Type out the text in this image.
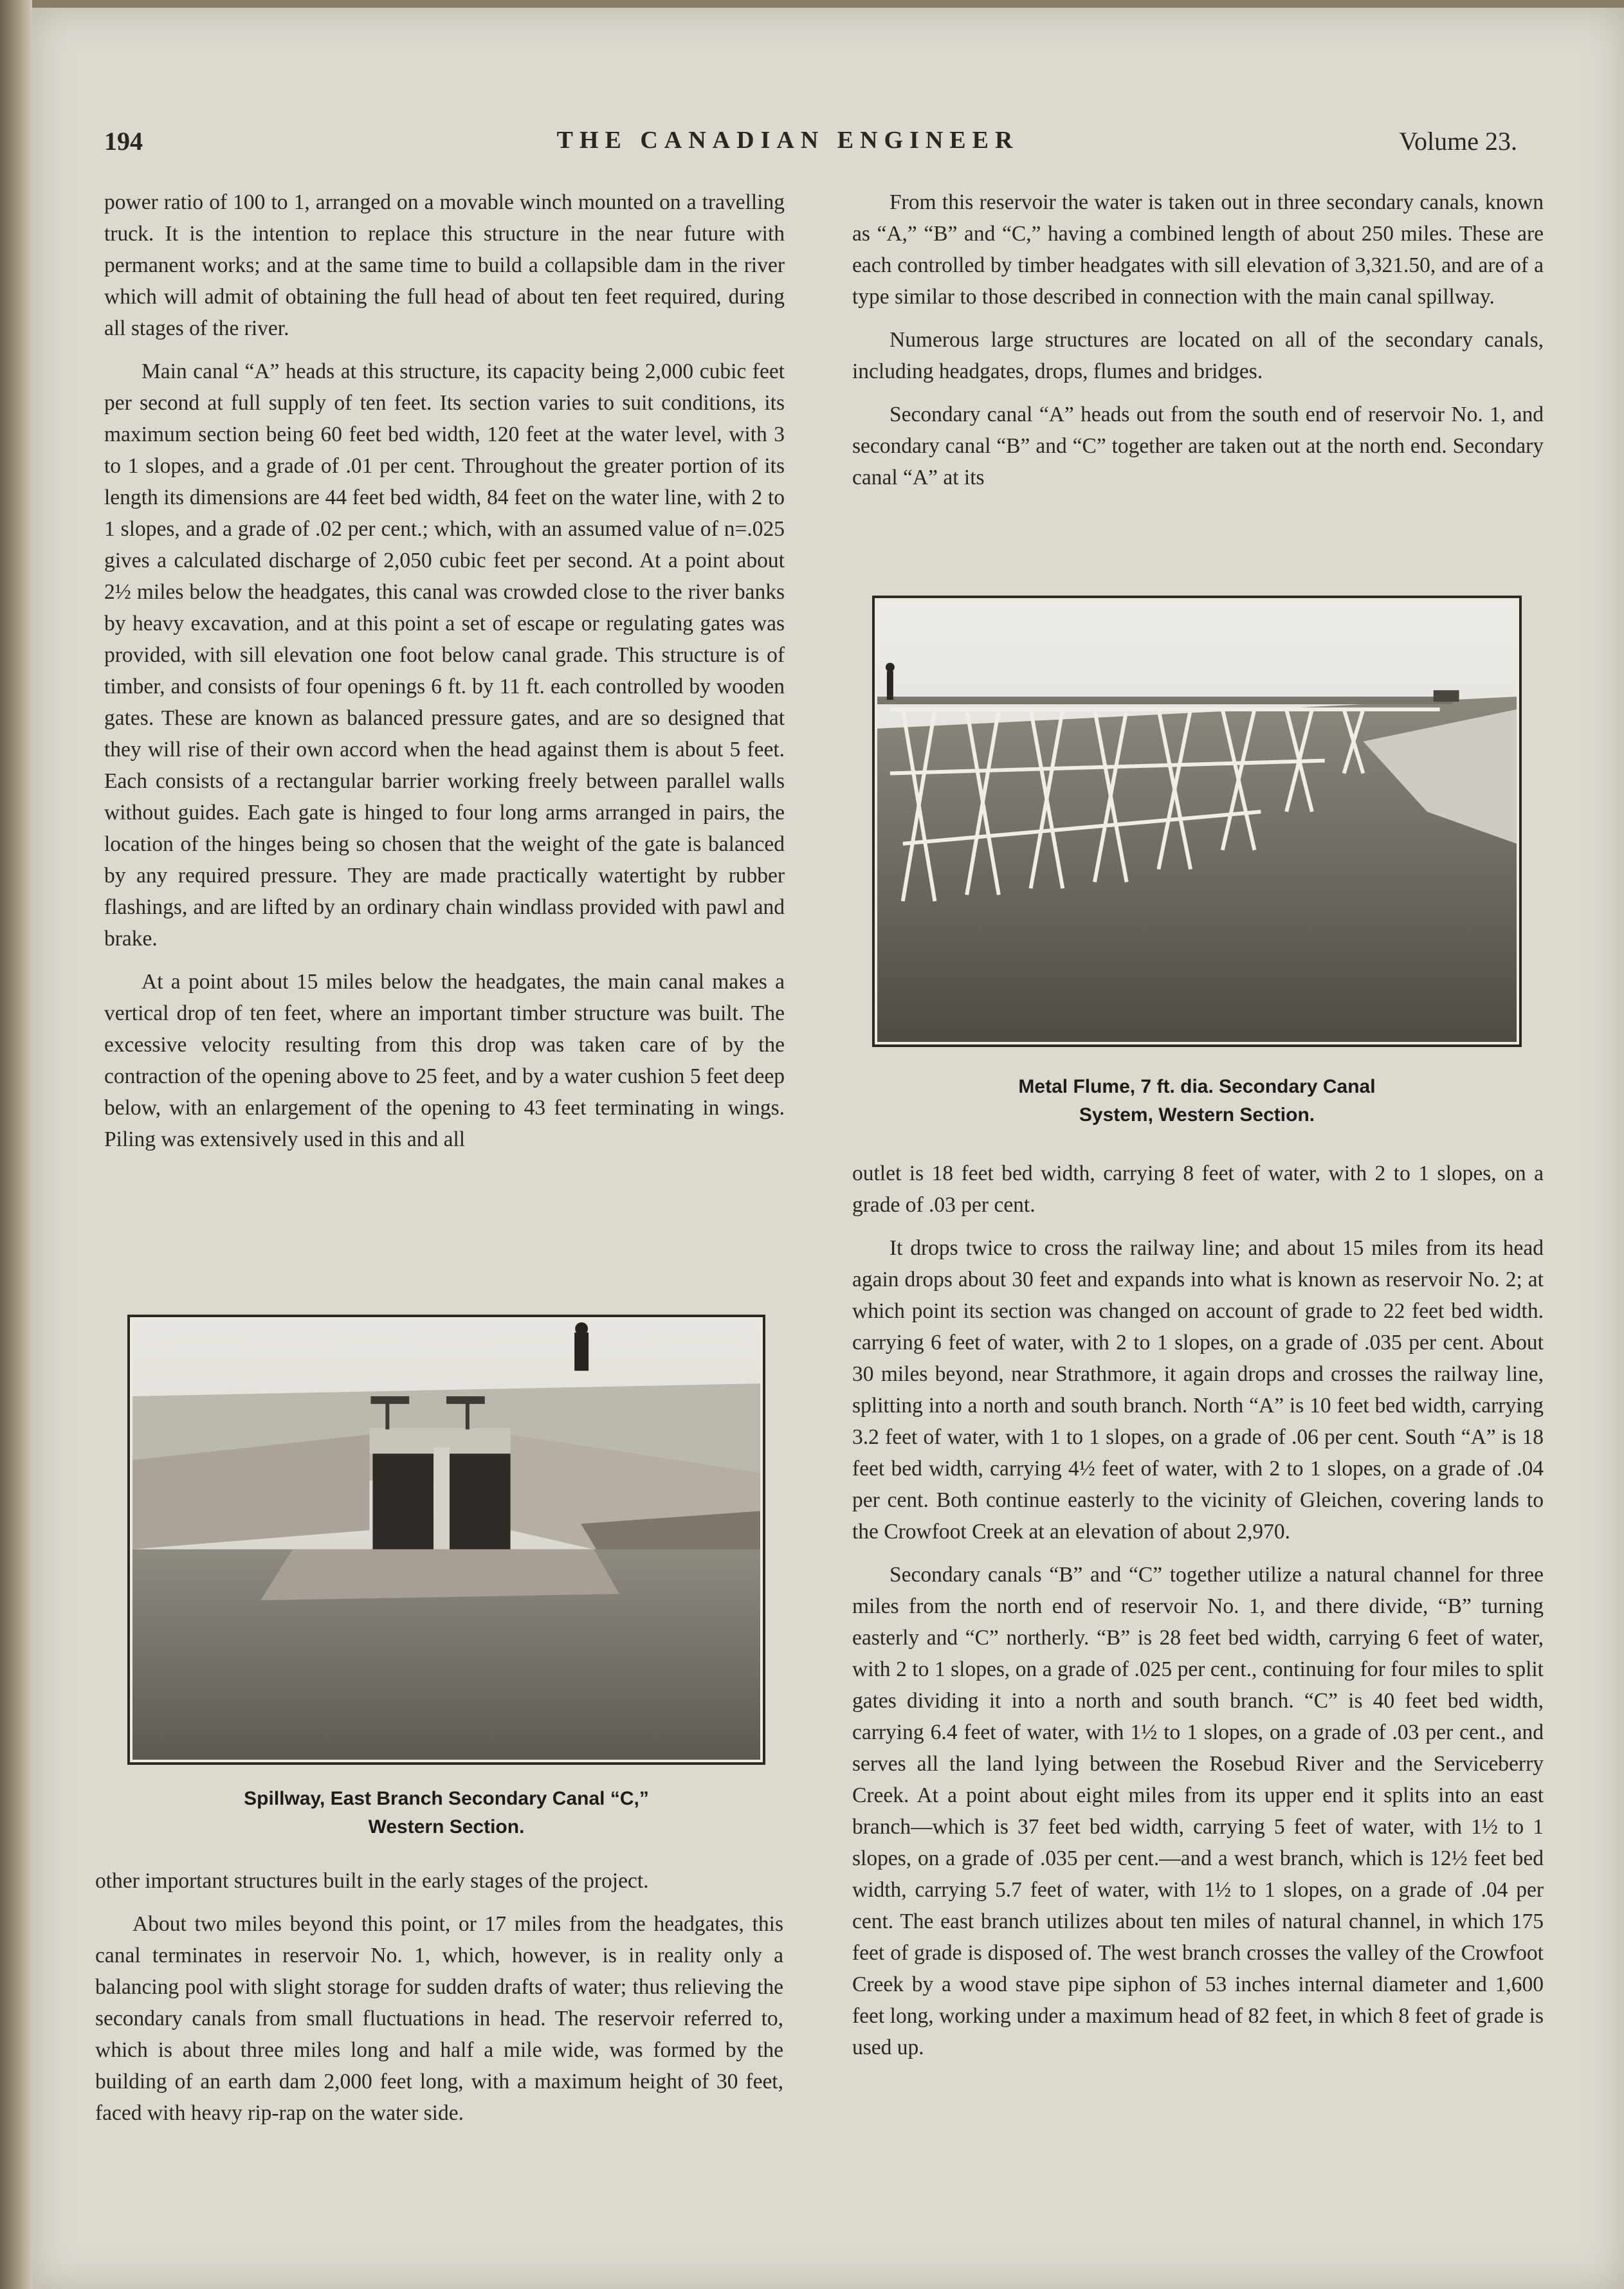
194	THE CANADIAN ENGINEER	Volume 23.

power ratio of 100 to 1, arranged on a movable winch mounted on a travelling truck. It is the intention to replace this structure in the near future with permanent works; and at the same time to build a collapsible dam in the river which will admit of obtaining the full head of about ten feet required, during all stages of the river.

Main canal “A” heads at this structure, its capacity being 2,000 cubic feet per second at full supply of ten feet. Its section varies to suit conditions, its maximum section being 60 feet bed width, 120 feet at the water level, with 3 to 1 slopes, and a grade of .01 per cent. Throughout the greater portion of its length its dimensions are 44 feet bed width, 84 feet on the water line, with 2 to 1 slopes, and a grade of .02 per cent.; which, with an assumed value of n=.025 gives a calculated discharge of 2,050 cubic feet per second. At a point about 2½ miles below the headgates, this canal was crowded close to the river banks by heavy excavation, and at this point a set of escape or regulating gates was provided, with sill elevation one foot below canal grade. This structure is of timber, and consists of four openings 6 ft. by 11 ft. each controlled by wooden gates. These are known as balanced pressure gates, and are so designed that they will rise of their own accord when the head against them is about 5 feet. Each consists of a rectangular barrier working freely between parallel walls without guides. Each gate is hinged to four long arms arranged in pairs, the location of the hinges being so chosen that the weight of the gate is balanced by any required pressure. They are made practically watertight by rubber flashings, and are lifted by an ordinary chain windlass provided with pawl and brake.

At a point about 15 miles below the headgates, the main canal makes a vertical drop of ten feet, where an important timber structure was built. The excessive velocity resulting from this drop was taken care of by the contraction of the opening above to 25 feet, and by a water cushion 5 feet deep below, with an enlargement of the opening to 43 feet terminating in wings. Piling was extensively used in this and all

Spillway, East Branch Secondary Canal “C,”
Western Section.

other important structures built in the early stages of the project.

About two miles beyond this point, or 17 miles from the headgates, this canal terminates in reservoir No. 1, which, however, is in reality only a balancing pool with slight storage for sudden drafts of water; thus relieving the secondary canals from small fluctuations in head. The reservoir referred to, which is about three miles long and half a mile wide, was formed by the building of an earth dam 2,000 feet long, with a maximum height of 30 feet, faced with heavy rip-rap on the water side.

From this reservoir the water is taken out in three secondary canals, known as “A,” “B” and “C,” having a combined length of about 250 miles. These are each controlled by timber headgates with sill elevation of 3,321.50, and are of a type similar to those described in connection with the main canal spillway.

Numerous large structures are located on all of the secondary canals, including headgates, drops, flumes and bridges.

Secondary canal “A” heads out from the south end of reservoir No. 1, and secondary canal “B” and “C” together are taken out at the north end. Secondary canal “A” at its

Metal Flume, 7 ft. dia. Secondary Canal
System, Western Section.

outlet is 18 feet bed width, carrying 8 feet of water, with 2 to 1 slopes, on a grade of .03 per cent.

It drops twice to cross the railway line; and about 15 miles from its head again drops about 30 feet and expands into what is known as reservoir No. 2; at which point its section was changed on account of grade to 22 feet bed width. carrying 6 feet of water, with 2 to 1 slopes, on a grade of .035 per cent. About 30 miles beyond, near Strathmore, it again drops and crosses the railway line, splitting into a north and south branch. North “A” is 10 feet bed width, carrying 3.2 feet of water, with 1 to 1 slopes, on a grade of .06 per cent. South “A” is 18 feet bed width, carrying 4½ feet of water, with 2 to 1 slopes, on a grade of .04 per cent. Both continue easterly to the vicinity of Gleichen, covering lands to the Crowfoot Creek at an elevation of about 2,970.

Secondary canals “B” and “C” together utilize a natural channel for three miles from the north end of reservoir No. 1, and there divide, “B” turning easterly and “C” northerly. “B” is 28 feet bed width, carrying 6 feet of water, with 2 to 1 slopes, on a grade of .025 per cent., continuing for four miles to split gates dividing it into a north and south branch. “C” is 40 feet bed width, carrying 6.4 feet of water, with 1½ to 1 slopes, on a grade of .03 per cent., and serves all the land lying between the Rosebud River and the Serviceberry Creek. At a point about eight miles from its upper end it splits into an east branch—which is 37 feet bed width, carrying 5 feet of water, with 1½ to 1 slopes, on a grade of .035 per cent.—and a west branch, which is 12½ feet bed width, carrying 5.7 feet of water, with 1½ to 1 slopes, on a grade of .04 per cent. The east branch utilizes about ten miles of natural channel, in which 175 feet of grade is disposed of. The west branch crosses the valley of the Crowfoot Creek by a wood stave pipe siphon of 53 inches internal diameter and 1,600 feet long, working under a maximum head of 82 feet, in which 8 feet of grade is used up.
